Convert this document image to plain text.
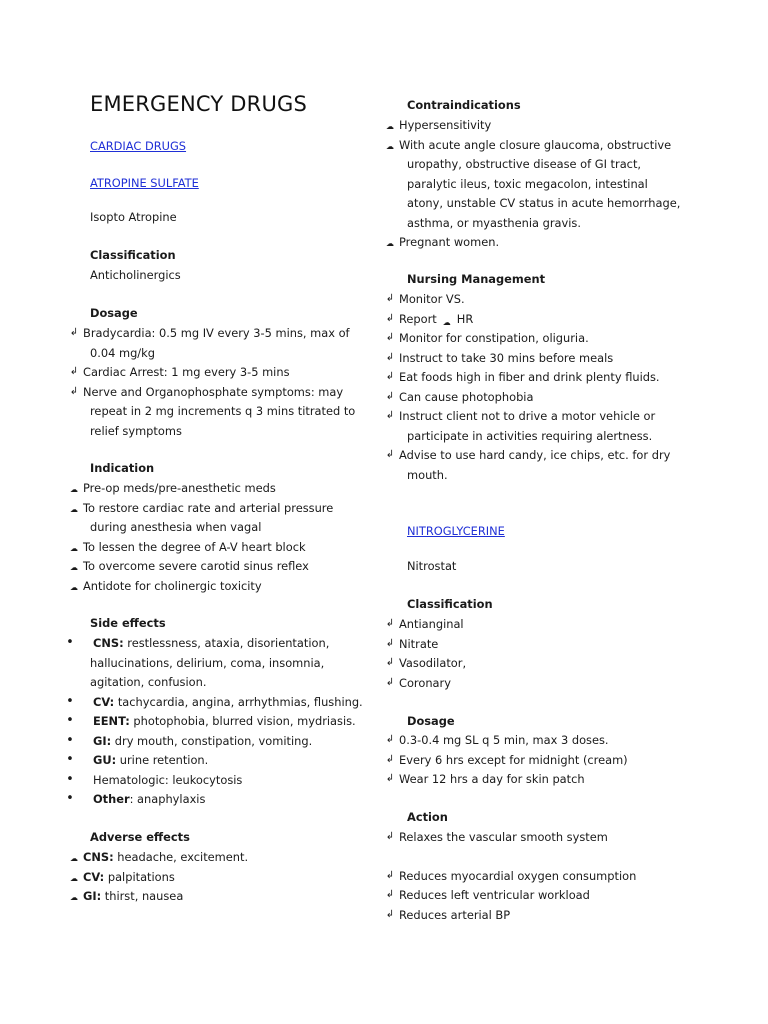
EMERGENCY DRUGS
CARDIAC DRUGS
ATROPINE SULFATE
Isopto Atropine
Classification
Anticholinergics
Dosage
↲ Bradycardia: 0.5 mg IV every 3-5 mins, max of
0.04 mg/kg
↲ Cardiac Arrest: 1 mg every 3-5 mins
↲ Nerve and Organophosphate symptoms: may
repeat in 2 mg increments q 3 mins titrated to
relief symptoms
Indication
☁ Pre-op meds/pre-anesthetic meds
☁ To restore cardiac rate and arterial pressure
during anesthesia when vagal
☁ To lessen the degree of A-V heart block
☁ To overcome severe carotid sinus reflex
☁ Antidote for cholinergic toxicity
Side effects
• CNS: restlessness, ataxia, disorientation,
hallucinations, delirium, coma, insomnia,
agitation, confusion.
• CV: tachycardia, angina, arrhythmias, flushing.
• EENT: photophobia, blurred vision, mydriasis.
• GI: dry mouth, constipation, vomiting.
• GU: urine retention.
• Hematologic: leukocytosis
• Other: anaphylaxis
Adverse effects
☁ CNS: headache, excitement.
☁ CV: palpitations
☁ GI: thirst, nausea
Contraindications
☁ Hypersensitivity
☁ With acute angle closure glaucoma, obstructive
uropathy, obstructive disease of GI tract,
paralytic ileus, toxic megacolon, intestinal
atony, unstable CV status in acute hemorrhage,
asthma, or myasthenia gravis.
☁ Pregnant women.
Nursing Management
↲ Monitor VS.
↲ Report ☁ HR
↲ Monitor for constipation, oliguria.
↲ Instruct to take 30 mins before meals
↲ Eat foods high in fiber and drink plenty fluids.
↲ Can cause photophobia
↲ Instruct client not to drive a motor vehicle or
participate in activities requiring alertness.
↲ Advise to use hard candy, ice chips, etc. for dry
mouth.
NITROGLYCERINE
Nitrostat
Classification
↲ Antianginal
↲ Nitrate
↲ Vasodilator,
↲ Coronary
Dosage
↲ 0.3-0.4 mg SL q 5 min, max 3 doses.
↲ Every 6 hrs except for midnight (cream)
↲ Wear 12 hrs a day for skin patch
Action
↲ Relaxes the vascular smooth system
↲ Reduces myocardial oxygen consumption
↲ Reduces left ventricular workload
↲ Reduces arterial BP
